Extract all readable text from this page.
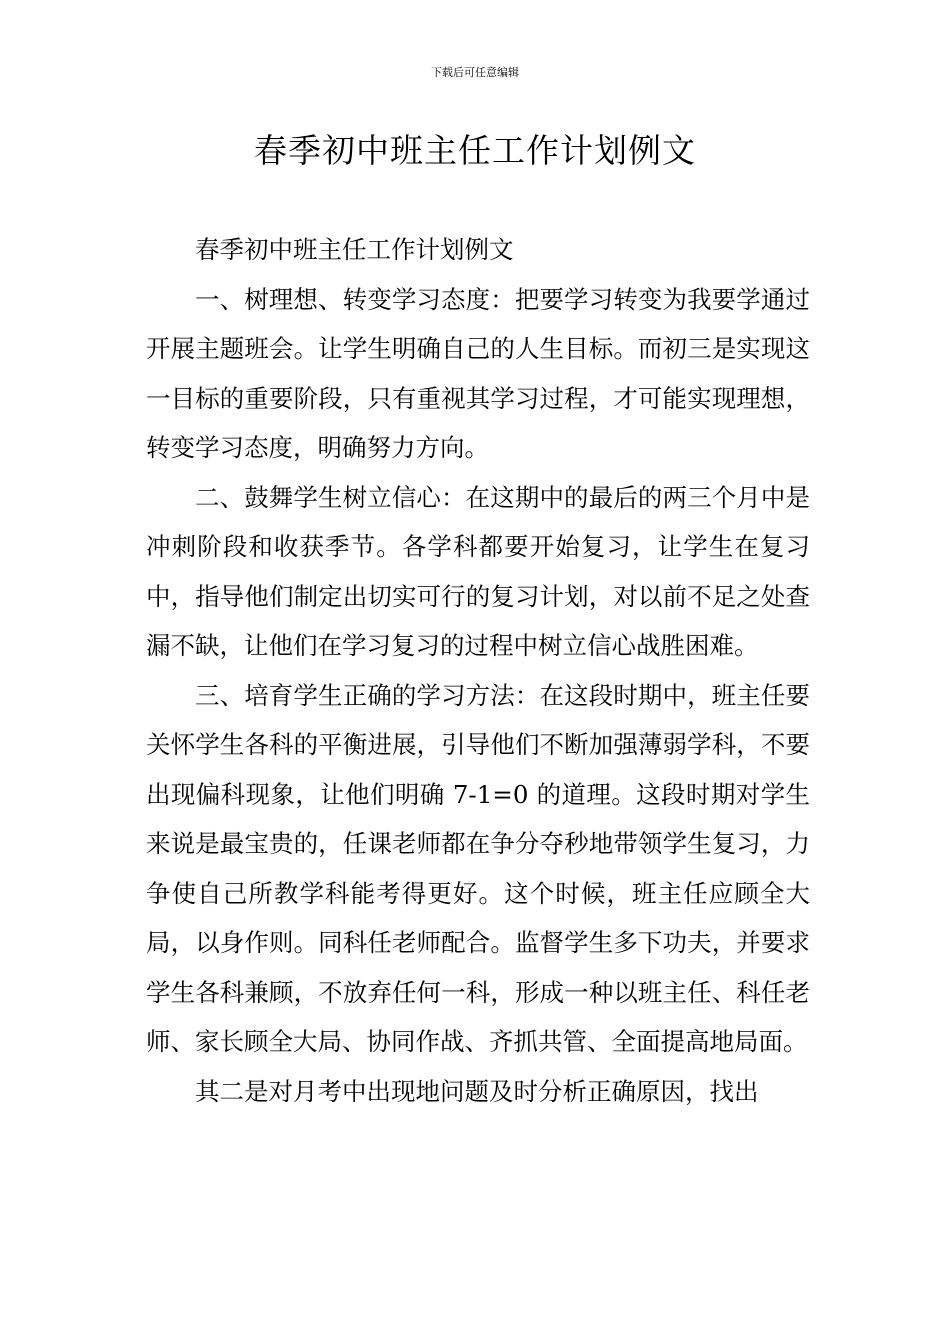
下载后可任意编辑
春季初中班主任工作计划例文

春季初中班主任工作计划例文

一、树理想、转变学习态度：把要学习转变为我要学通过开展主题班会。让学生明确自己的人生目标。而初三是实现这一目标的重要阶段，只有重视其学习过程，才可能实现理想，转变学习态度，明确努力方向。

二、鼓舞学生树立信心：在这期中的最后的两三个月中是冲刺阶段和收获季节。各学科都要开始复习，让学生在复习中，指导他们制定出切实可行的复习计划，对以前不足之处查漏不缺，让他们在学习复习的过程中树立信心战胜困难。

三、培育学生正确的学习方法：在这段时期中，班主任要关怀学生各科的平衡进展，引导他们不断加强薄弱学科，不要出现偏科现象，让他们明确 7-1=0 的道理。这段时期对学生来说是最宝贵的，任课老师都在争分夺秒地带领学生复习，力争使自己所教学科能考得更好。这个时候，班主任应顾全大局，以身作则。同科任老师配合。监督学生多下功夫，并要求学生各科兼顾，不放弃任何一科，形成一种以班主任、科任老师、家长顾全大局、协同作战、齐抓共管、全面提高地局面。

其二是对月考中出现地问题及时分析正确原因，找出
